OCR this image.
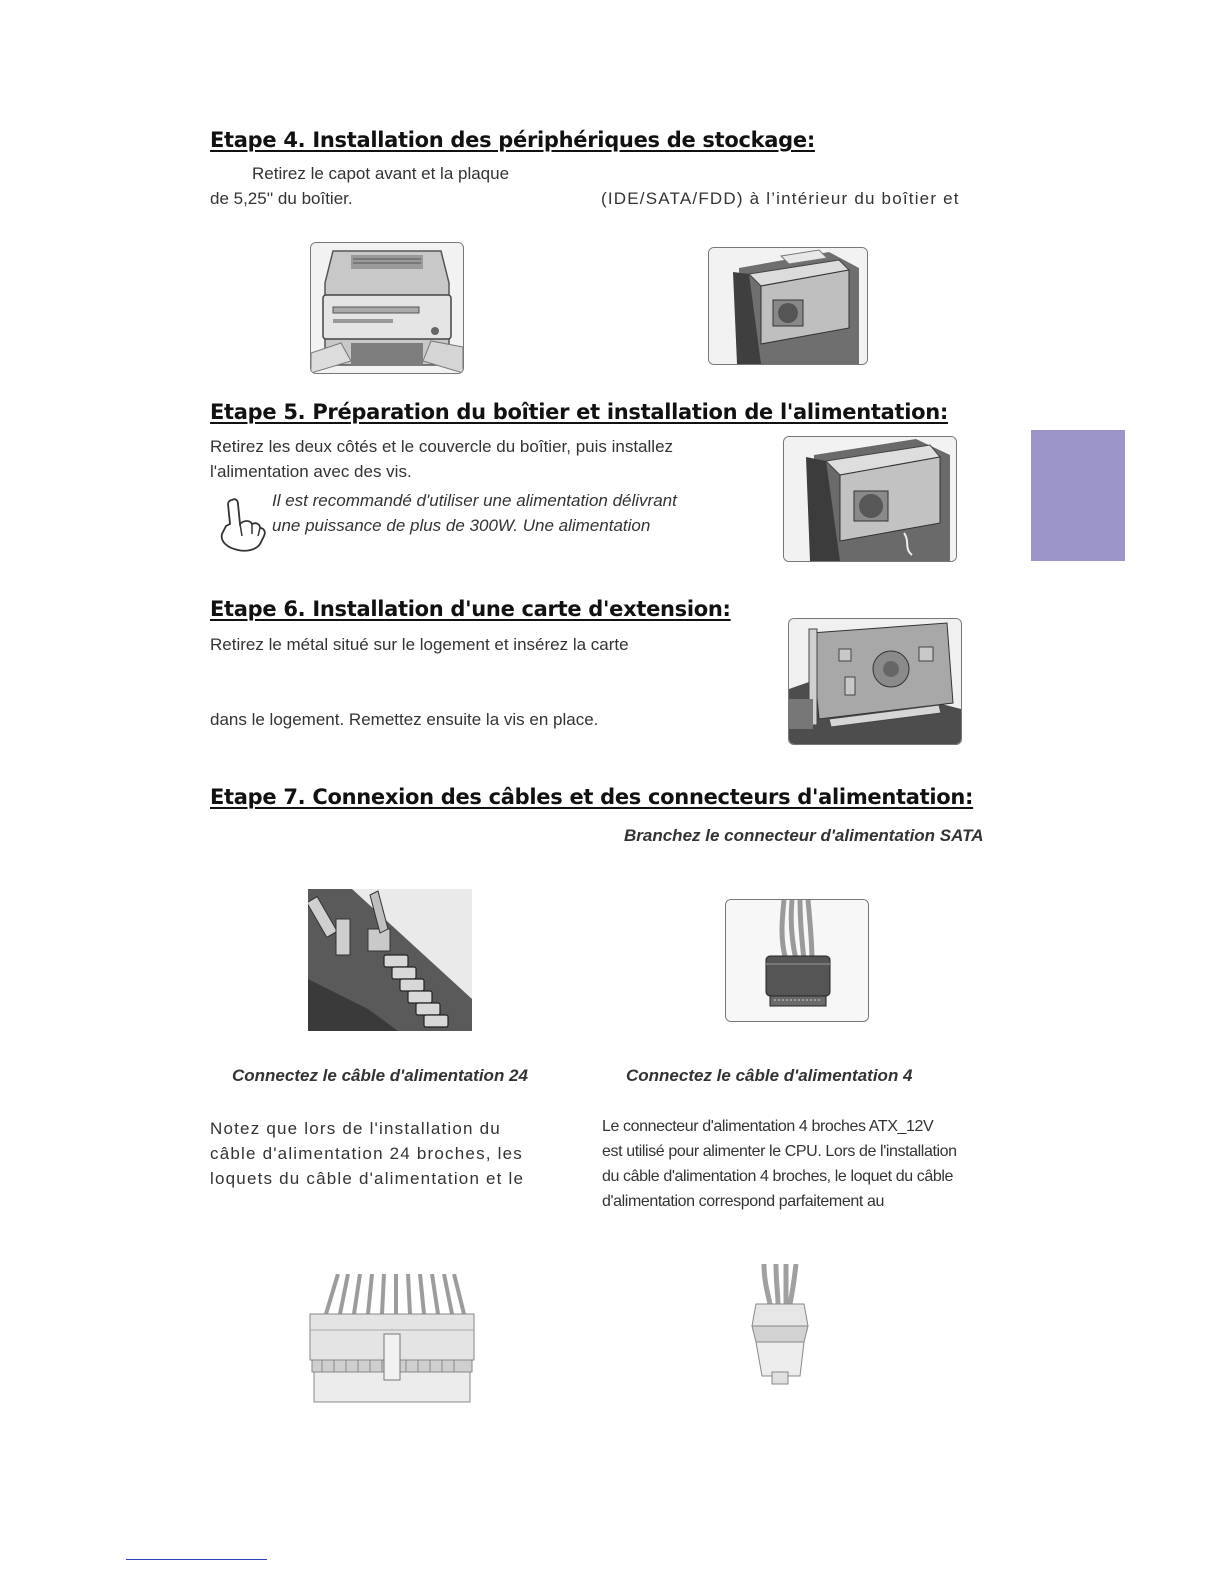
Etape 4. Installation des périphériques de stockage:
Retirez le capot avant et la plaque
de 5,25'' du boîtier.	(IDE/SATA/FDD) à l’intérieur du boîtier et
Etape 5. Préparation du boîtier et installation de l'alimentation:
Retirez les deux côtés et le couvercle du boîtier, puis installez
l'alimentation avec des vis.
Il est recommandé d'utiliser une alimentation délivrant
une puissance de plus de 300W. Une alimentation
Etape 6. Installation d'une carte d'extension:
Retirez le métal situé sur le logement et insérez la carte
dans le logement. Remettez ensuite la vis en place.
Etape 7. Connexion des câbles et des connecteurs d'alimentation:
Branchez le connecteur d'alimentation SATA
Connectez le câble d'alimentation 24	Connectez le câble d'alimentation 4
Notez que lors de l'installation du
câble d'alimentation 24 broches, les
loquets du câble d'alimentation et le
Le connecteur d'alimentation 4 broches ATX_12V
est utilisé pour alimenter le CPU. Lors de l'installation
du câble d'alimentation 4 broches, le loquet du câble
d'alimentation correspond parfaitement au
